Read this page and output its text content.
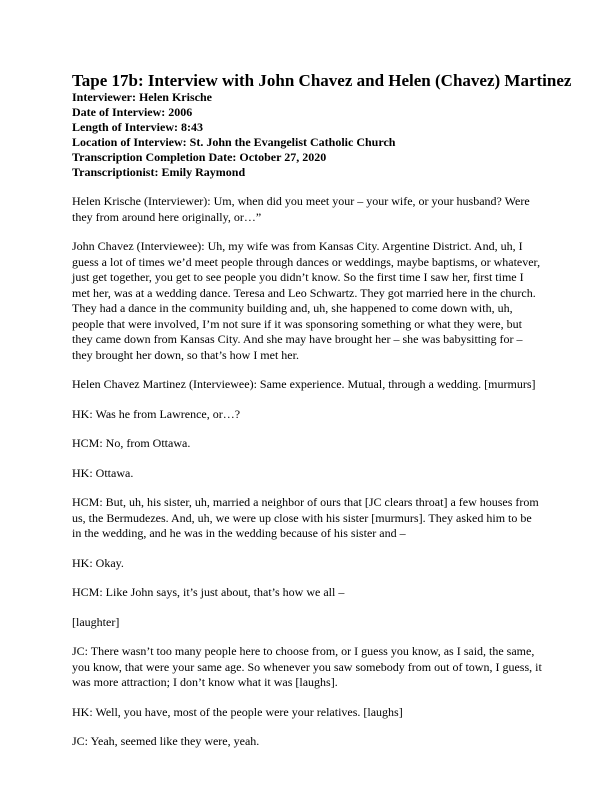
Tape 17b: Interview with John Chavez and Helen (Chavez) Martinez
Interviewer: Helen Krische
Date of Interview: 2006
Length of Interview: 8:43
Location of Interview: St. John the Evangelist Catholic Church
Transcription Completion Date: October 27, 2020
Transcriptionist: Emily Raymond

Helen Krische (Interviewer): Um, when did you meet your – your wife, or your husband? Were they from around here originally, or…”

John Chavez (Interviewee): Uh, my wife was from Kansas City. Argentine District. And, uh, I guess a lot of times we’d meet people through dances or weddings, maybe baptisms, or whatever, just get together, you get to see people you didn’t know. So the first time I saw her, first time I met her, was at a wedding dance. Teresa and Leo Schwartz. They got married here in the church. They had a dance in the community building and, uh, she happened to come down with, uh, people that were involved, I’m not sure if it was sponsoring something or what they were, but they came down from Kansas City. And she may have brought her – she was babysitting for – they brought her down, so that’s how I met her.

Helen Chavez Martinez (Interviewee): Same experience. Mutual, through a wedding. [murmurs]

HK: Was he from Lawrence, or…?

HCM: No, from Ottawa.

HK: Ottawa.

HCM: But, uh, his sister, uh, married a neighbor of ours that [JC clears throat] a few houses from us, the Bermudezes. And, uh, we were up close with his sister [murmurs]. They asked him to be in the wedding, and he was in the wedding because of his sister and –

HK: Okay.

HCM: Like John says, it’s just about, that’s how we all –

[laughter]

JC: There wasn’t too many people here to choose from, or I guess you know, as I said, the same, you know, that were your same age. So whenever you saw somebody from out of town, I guess, it was more attraction; I don’t know what it was [laughs].

HK: Well, you have, most of the people were your relatives. [laughs]

JC: Yeah, seemed like they were, yeah.
